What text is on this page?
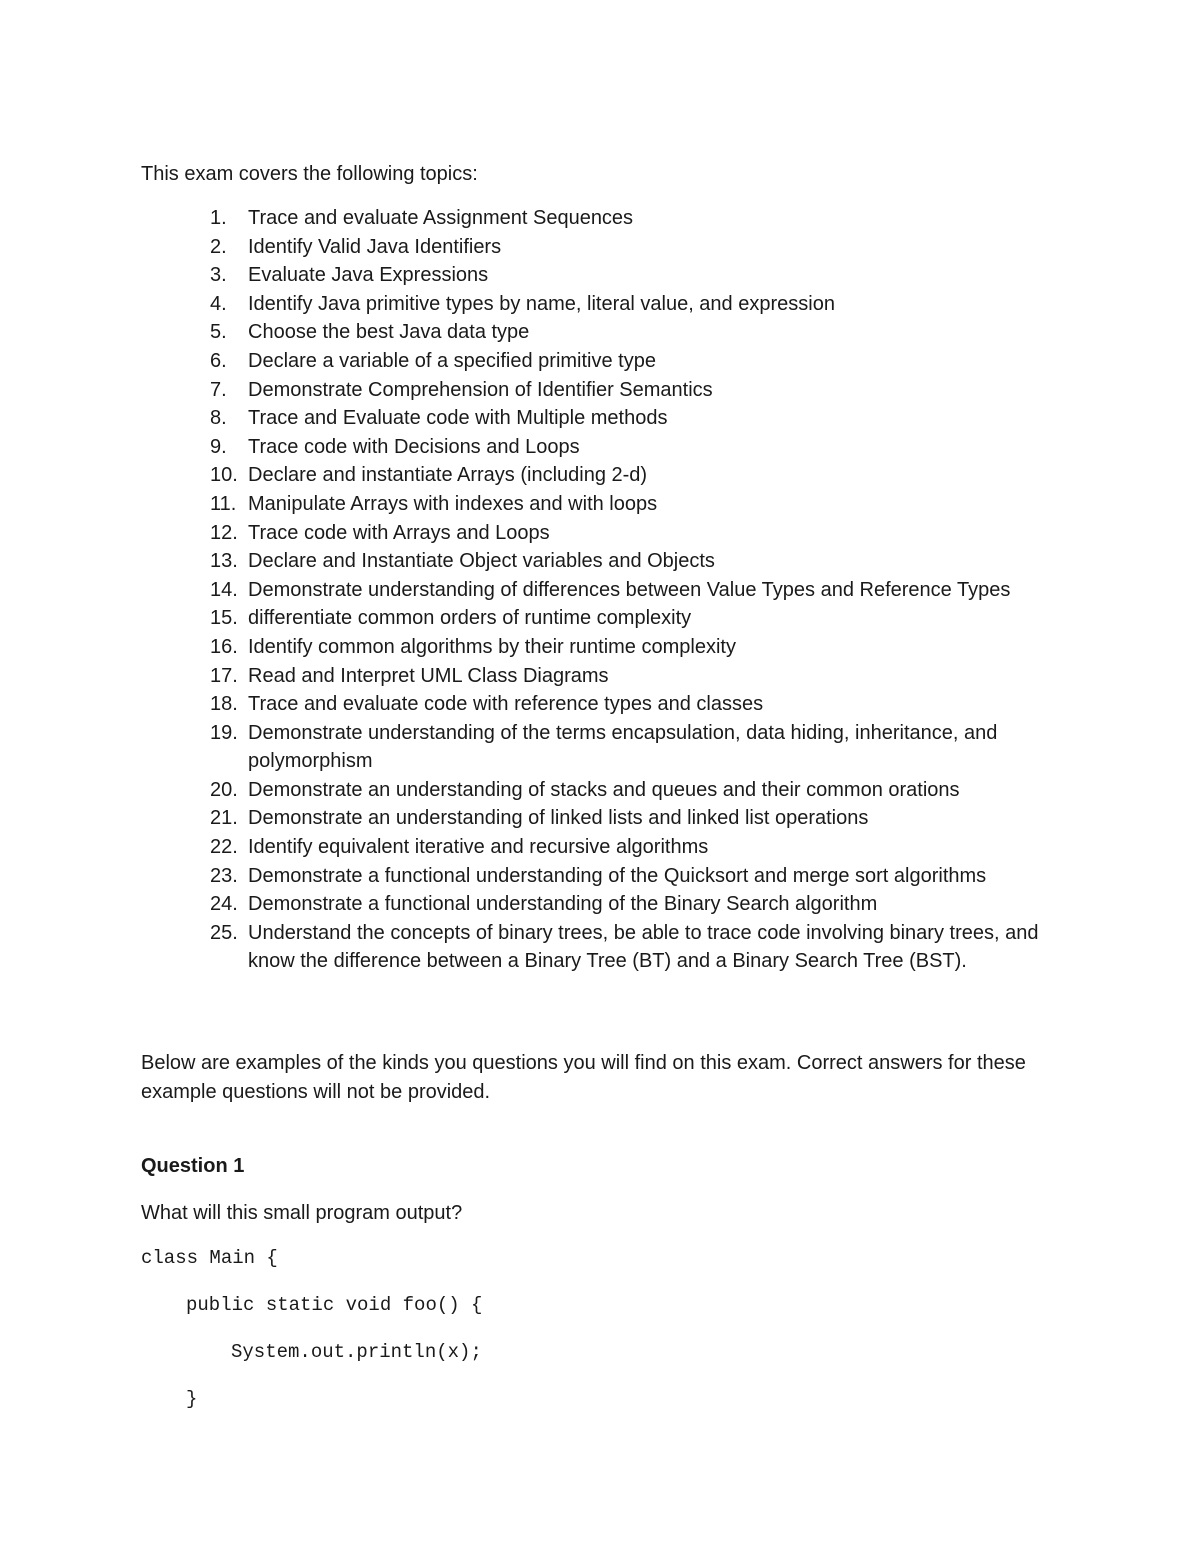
This exam covers the following topics:

1.	Trace and evaluate Assignment Sequences
2.	Identify Valid Java Identifiers
3.	Evaluate Java Expressions
4.	Identify Java primitive types by name, literal value, and expression
5.	Choose the best Java data type
6.	Declare a variable of a specified primitive type
7.	Demonstrate Comprehension of Identifier Semantics
8.	Trace and Evaluate code with Multiple methods
9.	Trace code with Decisions and Loops
10. Declare and instantiate Arrays (including 2-d)
11. Manipulate Arrays with indexes and with loops
12. Trace code with Arrays and Loops
13. Declare and Instantiate Object variables and Objects
14. Demonstrate understanding of differences between Value Types and Reference Types
15. differentiate common orders of runtime complexity
16. Identify common algorithms by their runtime complexity
17. Read and Interpret UML Class Diagrams
18. Trace and evaluate code with reference types and classes
19. Demonstrate understanding of the terms encapsulation, data hiding, inheritance, and polymorphism
20. Demonstrate an understanding of stacks and queues and their common orations
21. Demonstrate an understanding of linked lists and linked list operations
22. Identify equivalent iterative and recursive algorithms
23. Demonstrate a functional understanding of the Quicksort and merge sort algorithms
24. Demonstrate a functional understanding of the Binary Search algorithm
25. Understand the concepts of binary trees, be able to trace code involving binary trees, and know the difference between a Binary Tree (BT) and a Binary Search Tree (BST).

Below are examples of the kinds you questions you will find on this exam. Correct answers for these example questions will not be provided.

Question 1

What will this small program output?

class Main {

public static void foo() {

System.out.println(x);

}
